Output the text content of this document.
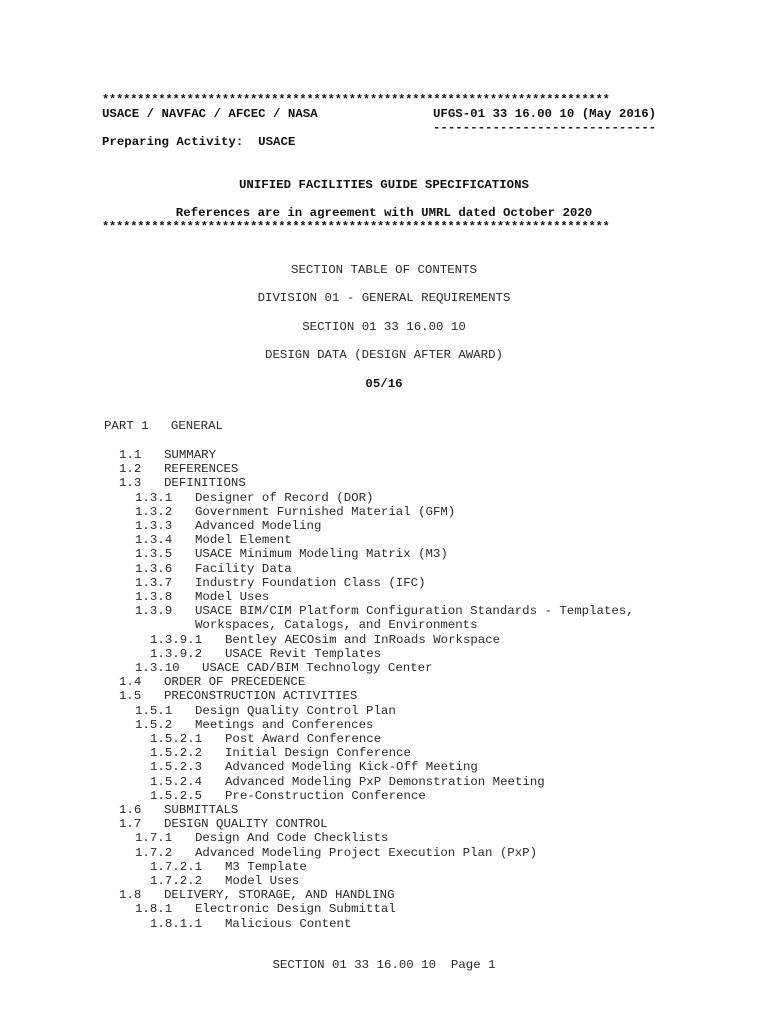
************************************************************************
USACE / NAVFAC / AFCEC / NASA	UFGS-01 33 16.00 10 (May 2016)
------------------------------
Preparing Activity:  USACE
UNIFIED FACILITIES GUIDE SPECIFICATIONS
References are in agreement with UMRL dated October 2020
************************************************************************
SECTION TABLE OF CONTENTS
DIVISION 01 - GENERAL REQUIREMENTS
SECTION 01 33 16.00 10
DESIGN DATA (DESIGN AFTER AWARD)
05/16
PART 1   GENERAL
1.1 SUMMARY
1.2 REFERENCES
1.3 DEFINITIONS
1.3.1 Designer of Record (DOR)
1.3.2 Government Furnished Material (GFM)
1.3.3 Advanced Modeling
1.3.4 Model Element
1.3.5 USACE Minimum Modeling Matrix (M3)
1.3.6 Facility Data
1.3.7 Industry Foundation Class (IFC)
1.3.8 Model Uses
1.3.9 USACE BIM/CIM Platform Configuration Standards - Templates,
Workspaces, Catalogs, and Environments
1.3.9.1 Bentley AECOsim and InRoads Workspace
1.3.9.2 USACE Revit Templates
1.3.10 USACE CAD/BIM Technology Center
1.4 ORDER OF PRECEDENCE
1.5 PRECONSTRUCTION ACTIVITIES
1.5.1 Design Quality Control Plan
1.5.2 Meetings and Conferences
1.5.2.1 Post Award Conference
1.5.2.2 Initial Design Conference
1.5.2.3 Advanced Modeling Kick-Off Meeting
1.5.2.4 Advanced Modeling PxP Demonstration Meeting
1.5.2.5 Pre-Construction Conference
1.6 SUBMITTALS
1.7 DESIGN QUALITY CONTROL
1.7.1 Design And Code Checklists
1.7.2 Advanced Modeling Project Execution Plan (PxP)
1.7.2.1 M3 Template
1.7.2.2 Model Uses
1.8 DELIVERY, STORAGE, AND HANDLING
1.8.1 Electronic Design Submittal
1.8.1.1 Malicious Content
SECTION 01 33 16.00 10  Page 1
